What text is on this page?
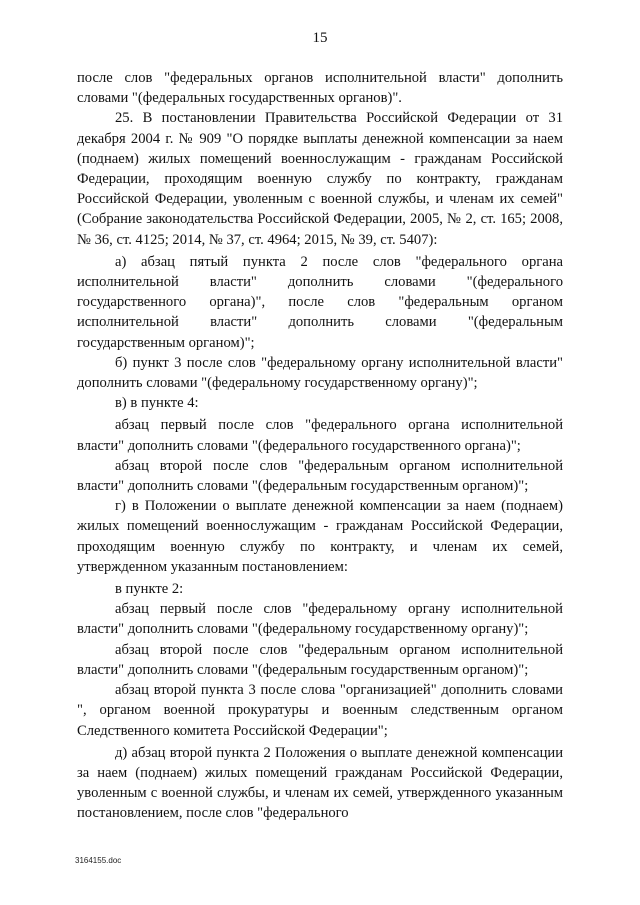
15

после слов "федеральных органов исполнительной власти" дополнить словами "(федеральных государственных органов)".

25. В постановлении Правительства Российской Федерации от 31 декабря 2004 г. № 909 "О порядке выплаты денежной компенсации за наем (поднаем) жилых помещений военнослужащим - гражданам Российской Федерации, проходящим военную службу по контракту, гражданам Российской Федерации, уволенным с военной службы, и членам их семей" (Собрание законодательства Российской Федерации, 2005, № 2, ст. 165; 2008, № 36, ст. 4125; 2014, № 37, ст. 4964; 2015, № 39, ст. 5407):

а) абзац пятый пункта 2 после слов "федерального органа исполнительной власти" дополнить словами "(федерального государственного органа)", после слов "федеральным органом исполнительной власти" дополнить словами "(федеральным государственным органом)";

б) пункт 3 после слов "федеральному органу исполнительной власти" дополнить словами "(федеральному государственному органу)";

в) в пункте 4:

абзац первый после слов "федерального органа исполнительной власти" дополнить словами "(федерального государственного органа)";

абзац второй после слов "федеральным органом исполнительной власти" дополнить словами "(федеральным государственным органом)";

г) в Положении о выплате денежной компенсации за наем (поднаем) жилых помещений военнослужащим - гражданам Российской Федерации, проходящим военную службу по контракту, и членам их семей, утвержденном указанным постановлением:

в пункте 2:

абзац первый после слов "федеральному органу исполнительной власти" дополнить словами "(федеральному государственному органу)";

абзац второй после слов "федеральным органом исполнительной власти" дополнить словами "(федеральным государственным органом)";

абзац второй пункта 3 после слова "организацией" дополнить словами ", органом военной прокуратуры и военным следственным органом Следственного комитета Российской Федерации";

д) абзац второй пункта 2 Положения о выплате денежной компенсации за наем (поднаем) жилых помещений гражданам Российской Федерации, уволенным с военной службы, и членам их семей, утвержденного указанным постановлением, после слов "федерального

3164155.doc
